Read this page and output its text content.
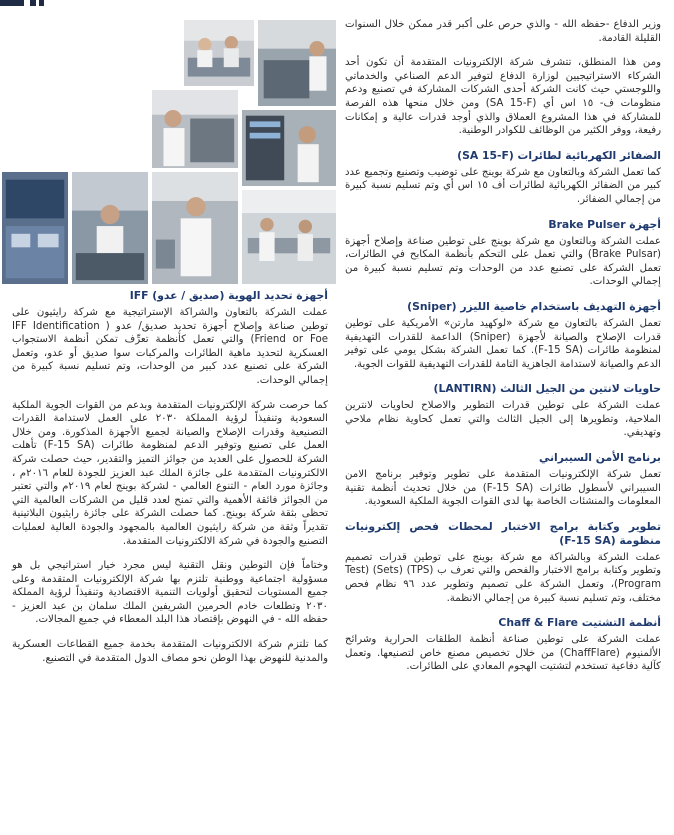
وزير الدفاع -حفظه الله - والذي حرص على أكبر قدر ممكن خلال السنوات القليلة القادمة.

ومن هذا المنطلق، تتشرف شركة الإلكترونيات المتقدمة أن تكون أحد الشركاء الاستراتيجيين لوزارة الدفاع لتوفير الدعم الصناعي والخدماتي واللوجستي حيث كانت الشركة أحدى الشركات المشاركة في تصنيع ودعم منظومات ف- ١٥ اس أي (SA 15-F) ومن خلال منحها هذه الفرصة للمشاركة في هذا المشروع العملاق والذي أوجد قدرات عالية و إمكانات رفيعة، ووفر الكثير من الوظائف للكوادر الوطنية.

الضفائر الكهربائية لطائرات (SA 15-F)

كما تعمل الشركة وبالتعاون مع شركة بوينج على توضيب وتصنيع وتجميع عدد كبير من الضفائر الكهربائية لطائرات أف ١٥ اس أي وتم تسليم نسبة كبيرة من إجمالي الضفائر.

أجهزة Brake Pulser

عملت الشركة وبالتعاون مع شركة بوينج على توطين صناعة وإصلاح أجهزة (Brake Pulsar) والتي تعمل على التحكم بأنظمة المكابح في الطائرات، تعمل الشركة على تصنيع عدد من الوحدات وتم تسليم نسبة كبيرة من إجمالي الوحدات.

أجهزة التهديف باستخدام خاصية الليزر (Sniper)

تعمل الشركة بالتعاون مع شركة «لوكهيد مارتن» الأمريكية على توطين قدرات الإصلاح والصيانة لأجهزة (Sniper) الداعمة للقدرات التهديفية لمنظومة طائرات (F-15 SA). كما تعمل الشركة بشكل يومي على توفير الدعم والصيانة لاستدامة الجاهزية التامة للقدرات التهديفية للقوات الجوية.

حاويات لانتين من الجيل الثالث (LANTIRN)

عملت الشركة على توطين قدرات التطوير والاصلاح لحاويات لانترين الملاحية، وتطويرها إلى الجيل الثالث والتي تعمل كحاوية نظام ملاحي وتهديفي.

برنامج الأمن السيبراني

تعمل شركة الإلكترونيات المتقدمة على تطوير وتوفير برنامج الامن السيبراني لأسطول طائرات (F-15 SA) من خلال تحديث أنظمة تقنية المعلومات والمنشئات الخاصة بها لدى القوات الجوية الملكية السعودية.

تطوير وكتابة برامج الاختبار لمحطات فحص إلكترونيات منظومة (F-15 SA)

عملت الشركة وبالشراكة مع شركة بوينج على توطين قدرات تصميم وتطوير وكتابة برامج الاختبار والفحص والتي تعرف ب (TPS) (Sets) (Test Program)، وتعمل الشركة على تصميم وتطوير عدد ٩٦ نظام فحص مختلف، وتم تسليم نسبة كبيرة من إجمالي الانظمة.

أنظمة التشتيت Chaff & Flare

عملت الشركة على توطين صناعة أنظمة الطلقات الحرارية وشرائح الألمنيوم (ChaffFlare) من خلال تخصيص مصنع خاص لتصنيعها. وتعمل كآلية دفاعية تستخدم لتشتيت الهجوم المعادي على الطائرات.

أجهزة تحديد الهوية (صديق / عدو) IFF

عملت الشركة بالتعاون والشراكة الإستراتيجية مع شركة رايثيون على توطين صناعة وإصلاح أجهزة تحديد صديق/ عدو ( IFF Identification Friend or Foe) والتي تعمل كأنظمة تعرِّف تمكن أنظمة الاستجواب العسكرية لتحديد ماهية الطائرات والمركبات سوا صديق أو عدو، وتعمل الشركة على تصنيع عدد كبير من الوحدات، وتم تسليم نسبة كبيرة من إجمالي الوحدات.

كما حرصت شركة الإلكترونيات المتقدمة وبدعم من القوات الجوية الملكية السعودية وتنفيذاً لرؤية المملكة ٢٠٣٠ على العمل لاستدامة القدرات التصنيعية وقدرات الإصلاح والصيانة لجميع الأجهزة المذكورة. ومن خلال العمل على تصنيع وتوفير الدعم لمنظومة طائرات (F-15 SA) تأهلت الشركة للحصول على العديد من جوائز التميز والتقدير، حيث حصلت شركة الالكترونيات المتقدمة على جائزة الملك عبد العزيز للجودة للعام ٢٠١٦م ، وجائزة مورد العام - التنوع العالمي - لشركة بوينج لعام ٢٠١٩م والتي تعتبر من الجوائز فائقة الأهمية والتي تمنح لعدد قليل من الشركات العالمية التي تحظى بثقة شركة بوينج. كما حصلت الشركة على جائزة رايثيون البلاتينية تقديراً وثقة من شركة رايثيون العالمية بالمجهود والجودة العالية لعمليات التصنيع والجودة في شركة الالكترونيات المتقدمة.

وختاماً فإن التوطين ونقل التقنية ليس مجرد خيار استراتيجي بل هو مسؤولية اجتماعية ووطنية تلتزم بها شركة الإلكترونيات المتقدمة وعلى جميع المستويات لتحقيق أولويات التنمية الاقتصادية وتنفيذاً لرؤية المملكة ٢٠٣٠ وتطلعات خادم الحرمين الشريفين الملك سلمان بن عبد العزيز - حفظه الله - في النهوض بإقتصاد هذا البلد المعطاء في جميع المجالات.

كما تلتزم شركة الالكترونيات المتقدمة بخدمة جميع القطاعات العسكرية والمدنية للنهوض بهذا الوطن نحو مصاف الدول المتقدمة في التصنيع.
